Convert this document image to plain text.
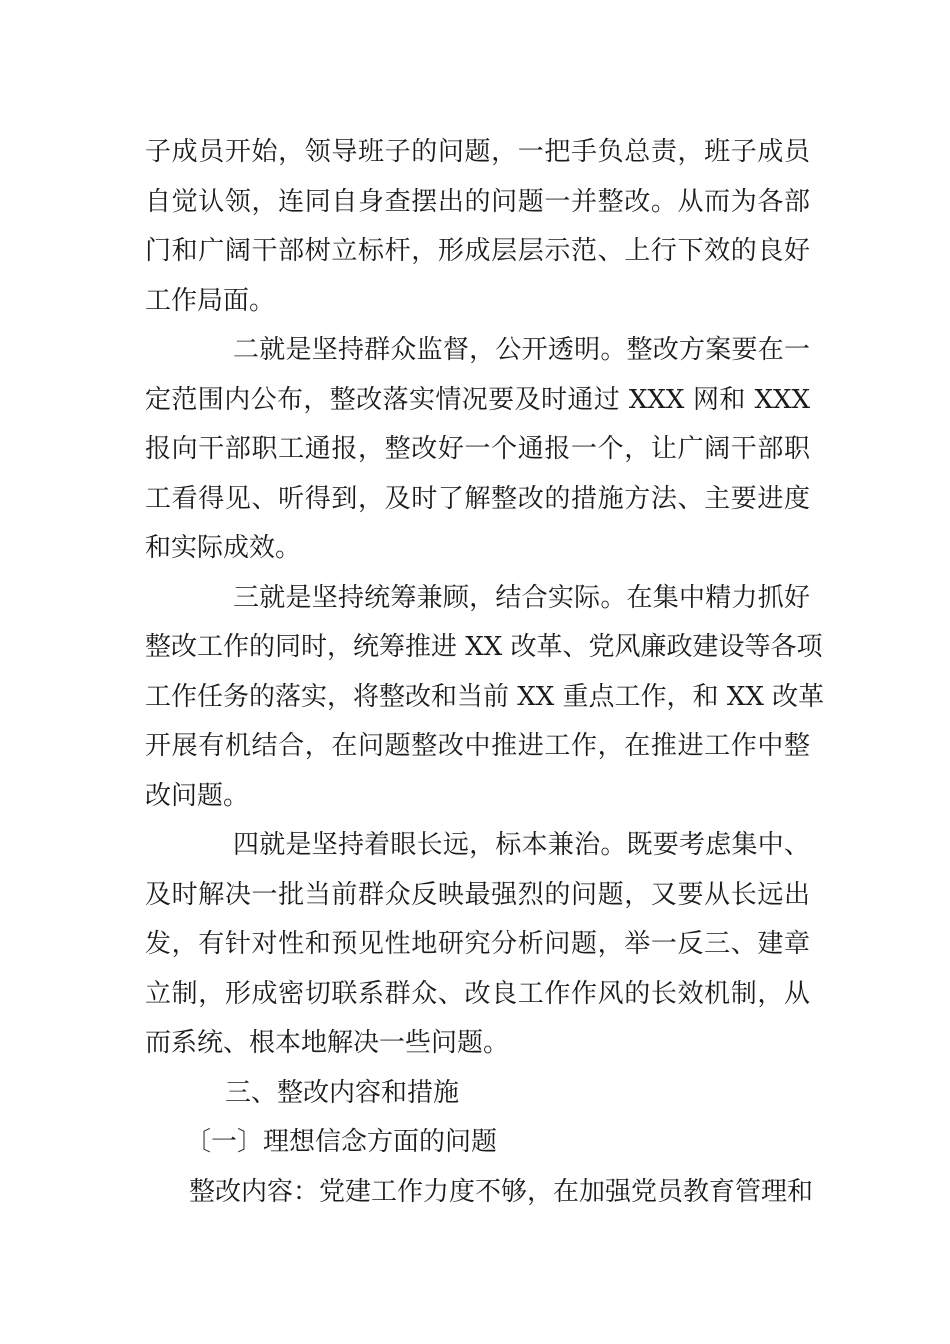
子成员开始，领导班子的问题，一把手负总责，班子成员
自觉认领，连同自身查摆出的问题一并整改。从而为各部
门和广阔干部树立标杆，形成层层示范、上行下效的良好
工作局面。
二就是坚持群众监督，公开透明。整改方案要在一
定范围内公布，整改落实情况要及时通过 XXX 网和 XXX
报向干部职工通报，整改好一个通报一个，让广阔干部职
工看得见、听得到，及时了解整改的措施方法、主要进度
和实际成效。
三就是坚持统筹兼顾，结合实际。在集中精力抓好
整改工作的同时，统筹推进 XX 改革、党风廉政建设等各项
工作任务的落实，将整改和当前 XX 重点工作，和 XX 改革
开展有机结合，在问题整改中推进工作，在推进工作中整
改问题。
四就是坚持着眼长远，标本兼治。既要考虑集中、
及时解决一批当前群众反映最强烈的问题，又要从长远出
发，有针对性和预见性地研究分析问题，举一反三、建章
立制，形成密切联系群众、改良工作作风的长效机制，从
而系统、根本地解决一些问题。
三、整改内容和措施
〔一〕理想信念方面的问题
整改内容：党建工作力度不够，在加强党员教育管理和
